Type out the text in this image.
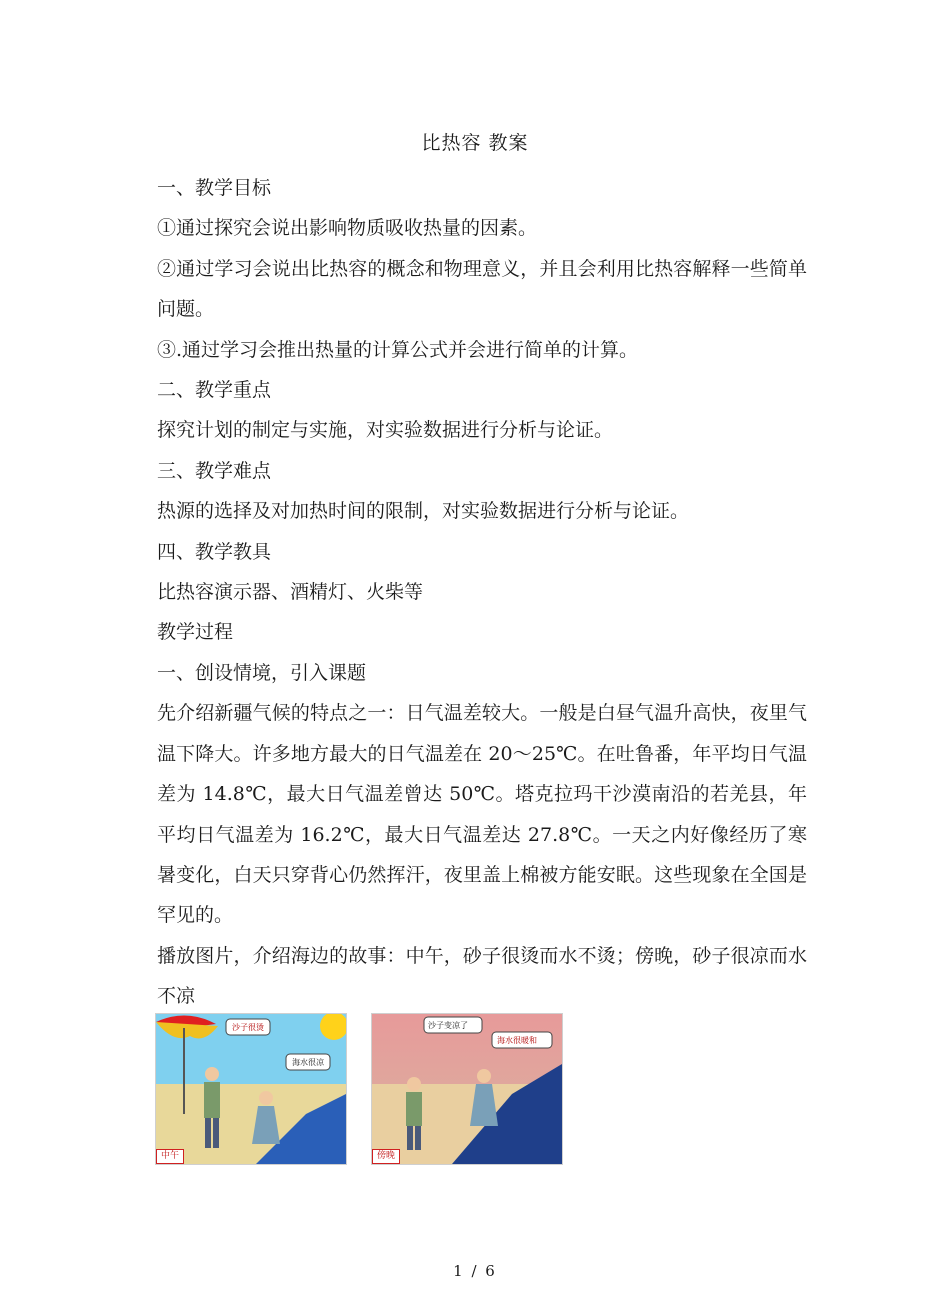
比热容 教案

一、教学目标

①通过探究会说出影响物质吸收热量的因素。

②通过学习会说出比热容的概念和物理意义，并且会利用比热容解释一些简单问题。

③.通过学习会推出热量的计算公式并会进行简单的计算。

二、教学重点

探究计划的制定与实施，对实验数据进行分析与论证。

三、教学难点

热源的选择及对加热时间的限制，对实验数据进行分析与论证。

四、教学教具

比热容演示器、酒精灯、火柴等

教学过程

一、创设情境，引入课题

先介绍新疆气候的特点之一：日气温差较大。一般是白昼气温升高快，夜里气温下降大。许多地方最大的日气温差在 20～25℃。在吐鲁番，年平均日气温差为 14.8℃，最大日气温差曾达 50℃。塔克拉玛干沙漠南沿的若羌县，年平均日气温差为 16.2℃，最大日气温差达 27.8℃。一天之内好像经历了寒暑变化，白天只穿背心仍然挥汗，夜里盖上棉被方能安眠。这些现象在全国是罕见的。

播放图片，介绍海边的故事：中午，砂子很烫而水不烫；傍晚，砂子很凉而水不凉

沙子很烫
海水很凉
中午
沙子变凉了
海水很暖和
傍晚
1 / 6
